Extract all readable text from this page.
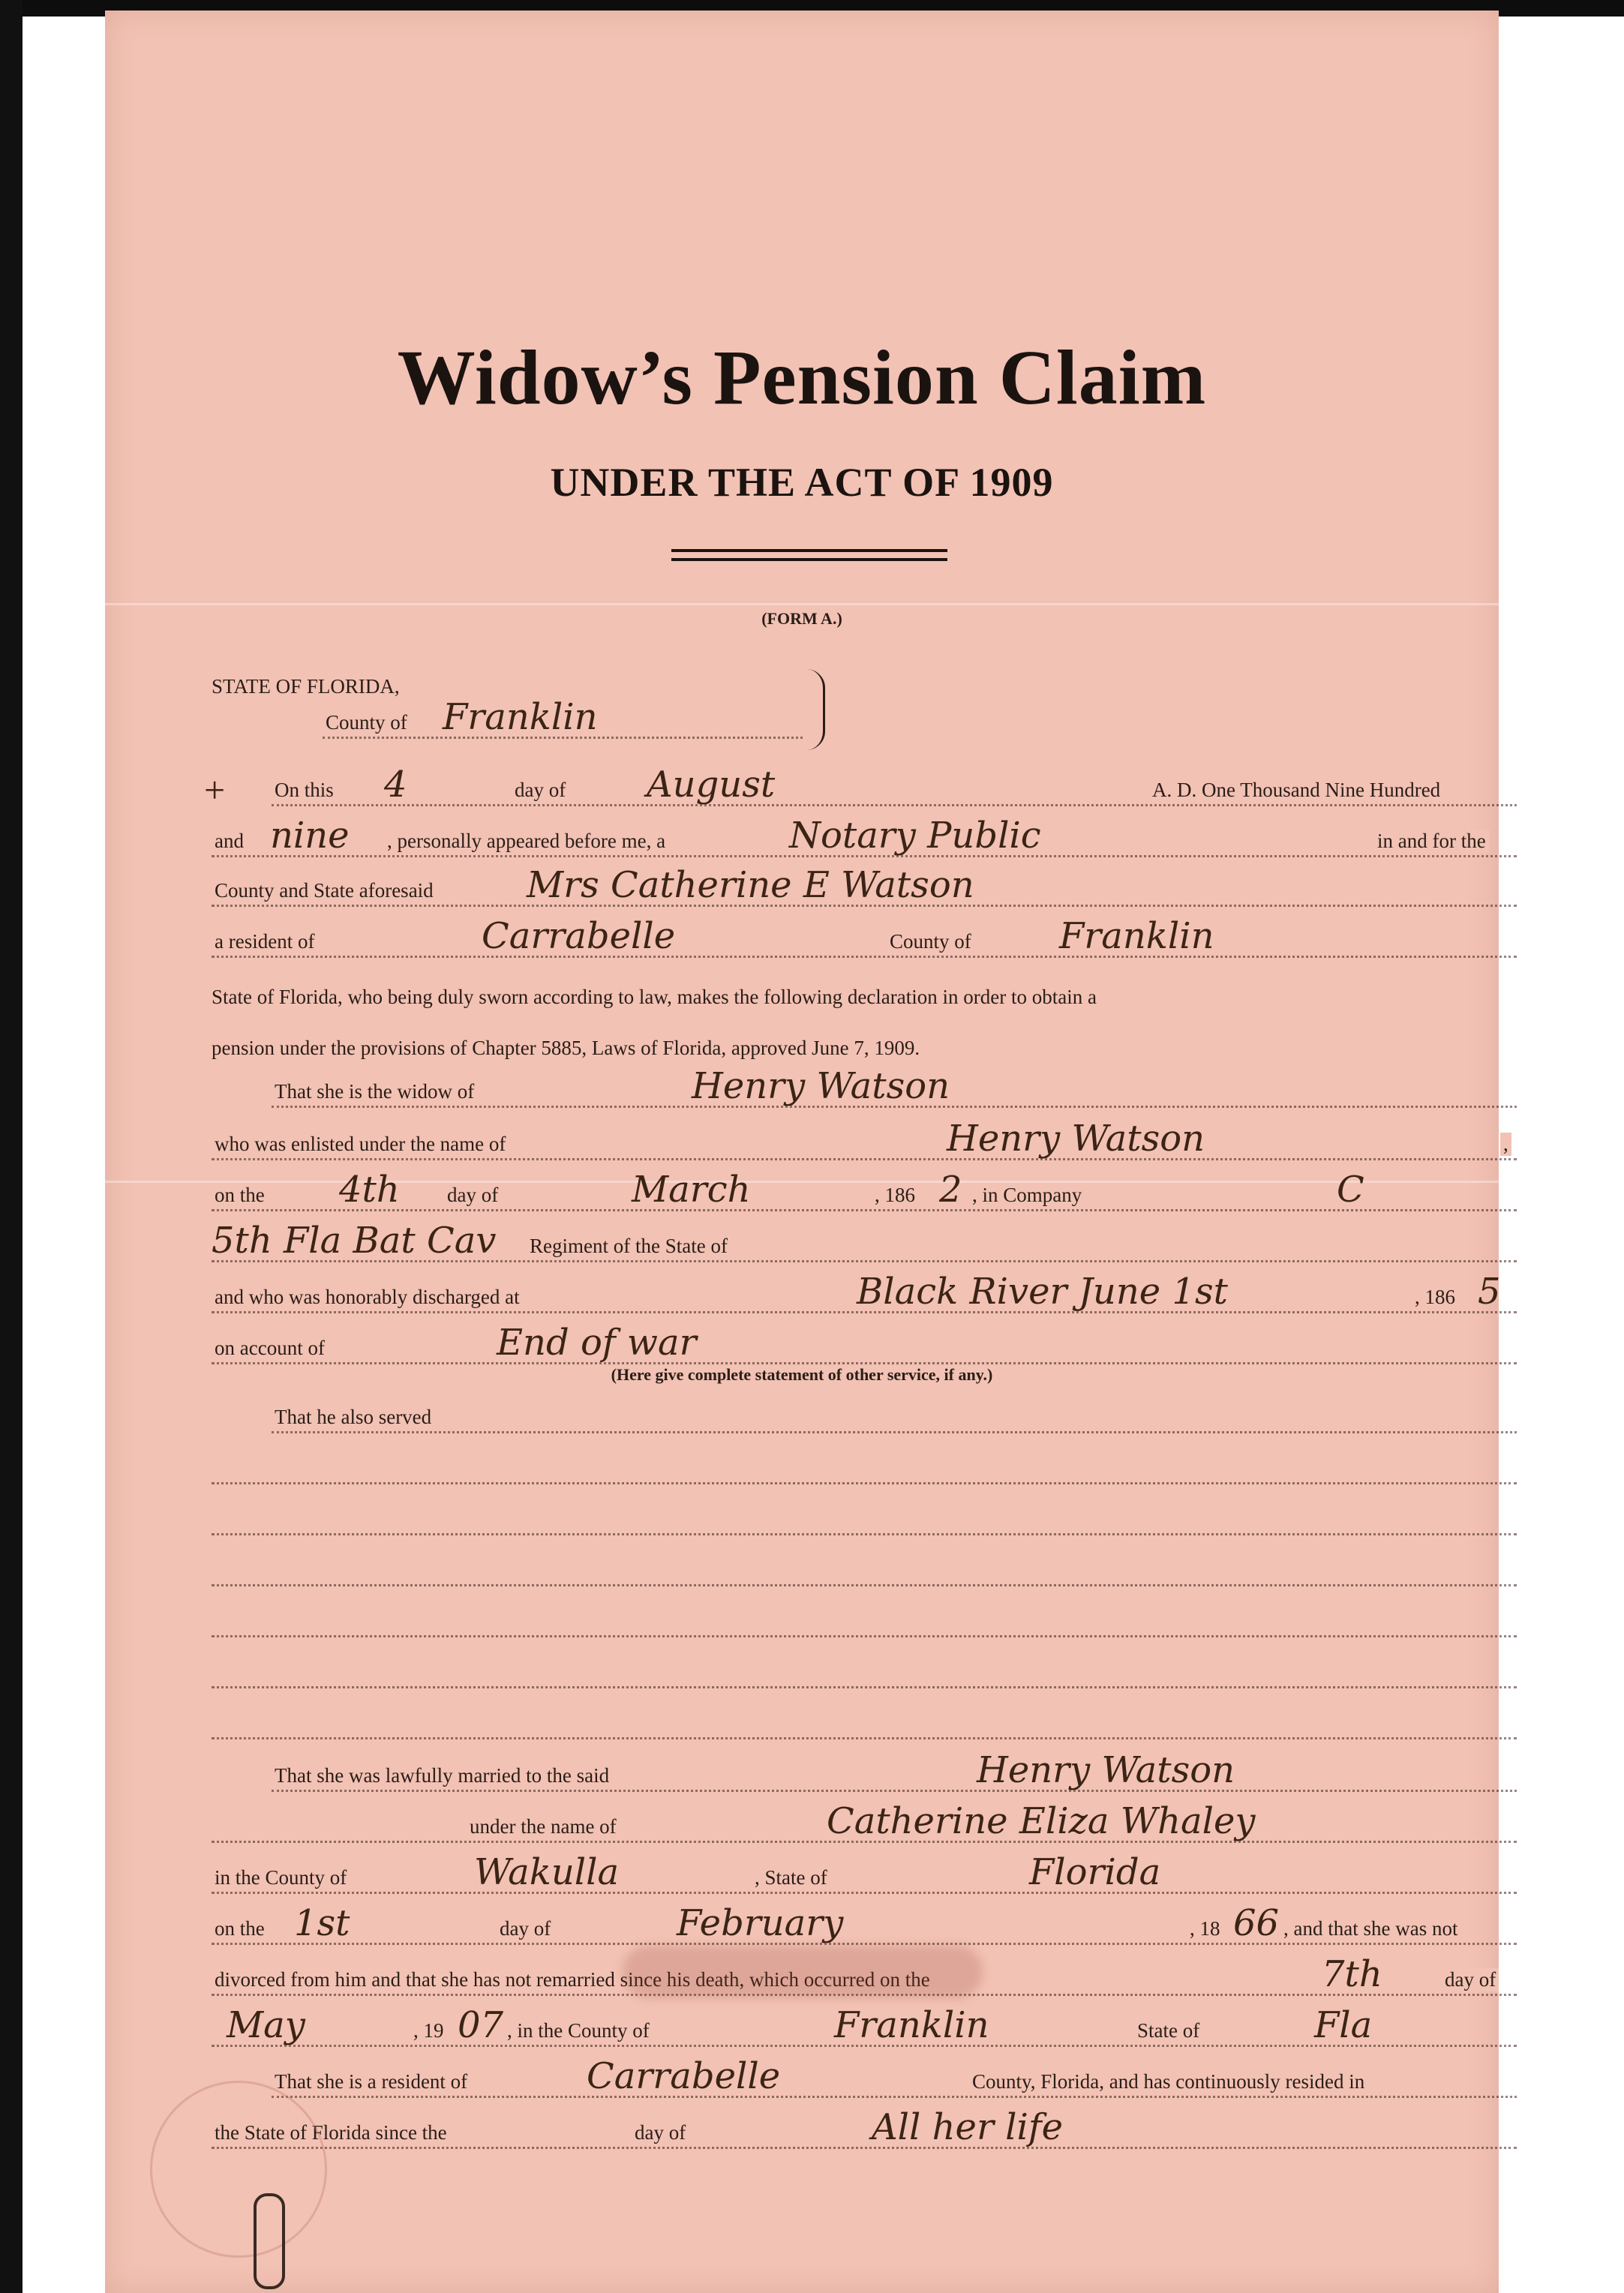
Widow’s Pension Claim
UNDER THE ACT OF 1909
(FORM A.)
STATE OF FLORIDA,
County of Franklin
+ On this 4	day of August	A. D. One Thousand Nine Hundred
and nine , personally appeared before me, a	Notary Public	in and for the
County and State aforesaid	Mrs Catherine E Watson
a resident of	Carrabelle	County of Franklin
State of Florida, who being duly sworn according to law, makes the following declaration in order to obtain a
pension under the provisions of Chapter 5885, Laws of Florida, approved June 7, 1909.
That she is the widow of	Henry Watson
who was enlisted under the name of	Henry Watson	,
on the 4th day of	March	, 186 2 , in Company	C
5th Fla Bat Cav Regiment of the State of
and who was honorably discharged at	Black River June 1st	, 186 5
on account of	End of war
(Here give complete statement of other service, if any.)
That he also served
That she was lawfully married to the said	Henry Watson
under the name of	Catherine Eliza Whaley
in the County of	Wakulla	, State of	Florida
on the 1st	day of	February	, 18 66 , and that she was not
divorced from him and that she has not remarried since his death, which occurred on the	7th	day of
May	, 19 07 , in the County of	Franklin	State of	Fla
That she is a resident of	Carrabelle	County, Florida, and has continuously resided in
the State of Florida since the	day of	All her life
